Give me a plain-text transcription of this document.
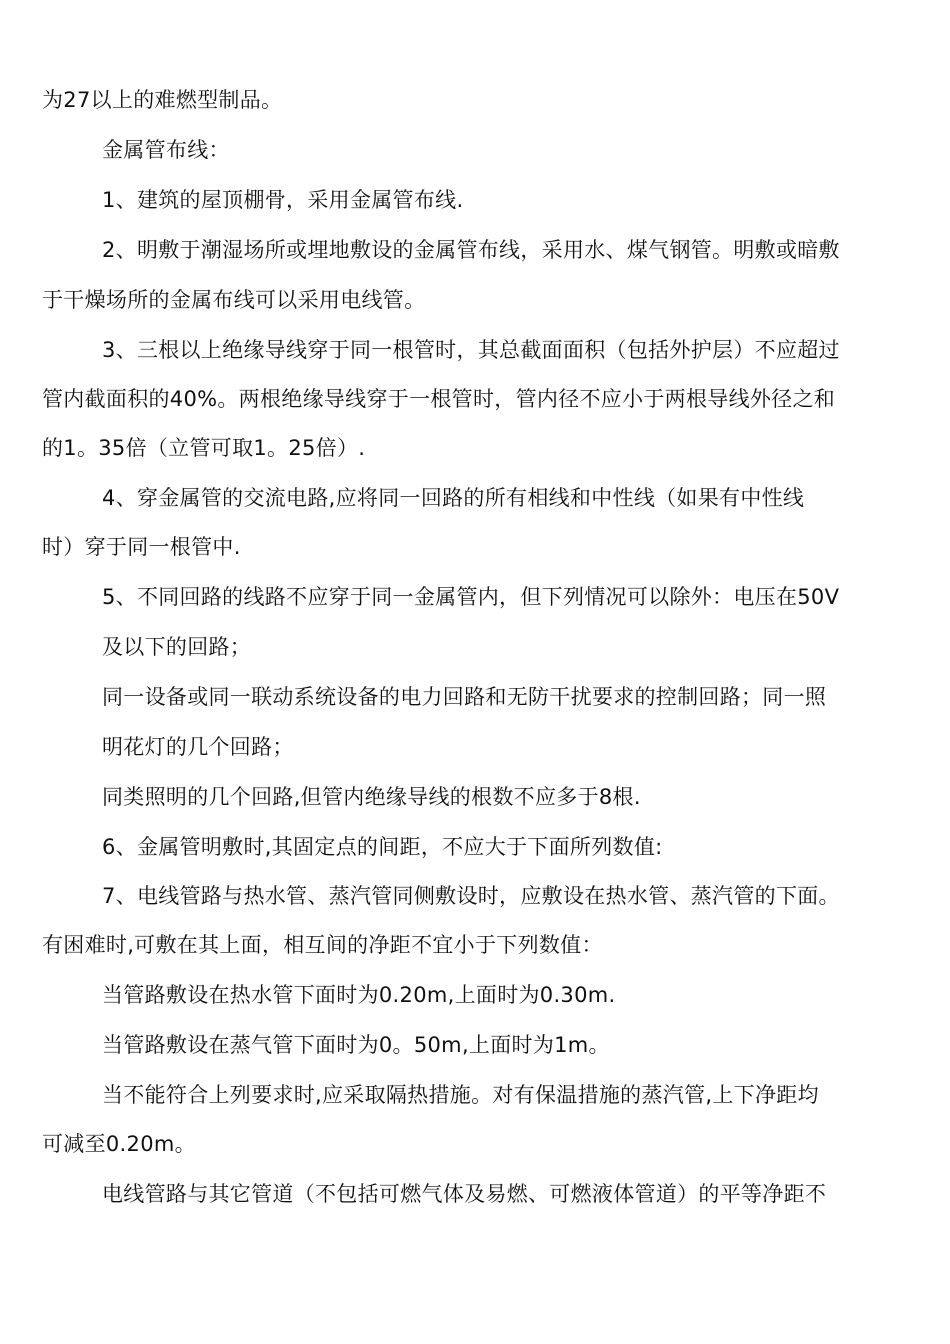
为27以上的难燃型制品。
金属管布线：
1、建筑的屋顶棚骨，采用金属管布线.
2、明敷于潮湿场所或埋地敷设的金属管布线，采用水、煤气钢管。明敷或暗敷
于干燥场所的金属布线可以采用电线管。
3、三根以上绝缘导线穿于同一根管时，其总截面面积（包括外护层）不应超过
管内截面积的40%。两根绝缘导线穿于一根管时，管内径不应小于两根导线外径之和
的1。35倍（立管可取1。25倍）.
4、穿金属管的交流电路,应将同一回路的所有相线和中性线（如果有中性线
时）穿于同一根管中.
5、不同回路的线路不应穿于同一金属管内，但下列情况可以除外：电压在50V
及以下的回路；
同一设备或同一联动系统设备的电力回路和无防干扰要求的控制回路；同一照
明花灯的几个回路；
同类照明的几个回路,但管内绝缘导线的根数不应多于8根.
6、金属管明敷时,其固定点的间距，不应大于下面所列数值:
7、电线管路与热水管、蒸汽管同侧敷设时，应敷设在热水管、蒸汽管的下面。
有困难时,可敷在其上面，相互间的净距不宜小于下列数值：
当管路敷设在热水管下面时为0.20m,上面时为0.30m.
当管路敷设在蒸气管下面时为0。50m,上面时为1m。
当不能符合上列要求时,应采取隔热措施。对有保温措施的蒸汽管,上下净距均
可减至0.20m。
电线管路与其它管道（不包括可燃气体及易燃、可燃液体管道）的平等净距不
